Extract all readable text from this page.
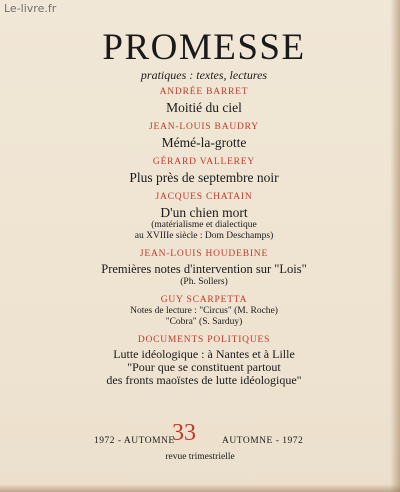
Le-livre.fr
PROMESSE
pratiques : textes, lectures
ANDRÉE BARRET
Moitié du ciel
JEAN-LOUIS BAUDRY
Mémé-la-grotte
GÉRARD VALLEREY
Plus près de septembre noir
JACQUES CHATAIN
D'un chien mort
(matérialisme et dialectique
au XVIIIe siècle : Dom Deschamps)
JEAN-LOUIS HOUDEBINE
Premières notes d'intervention sur "Lois"
(Ph. Sollers)
GUY SCARPETTA
Notes de lecture : "Circus" (M. Roche)
"Cobra" (S. Sarduy)
DOCUMENTS POLITIQUES
Lutte idéologique : à Nantes et à Lille
"Pour que se constituent partout
des fronts maoïstes de lutte idéologique"
1972 - AUTOMNE
33	AUTOMNE - 1972
revue trimestrielle
